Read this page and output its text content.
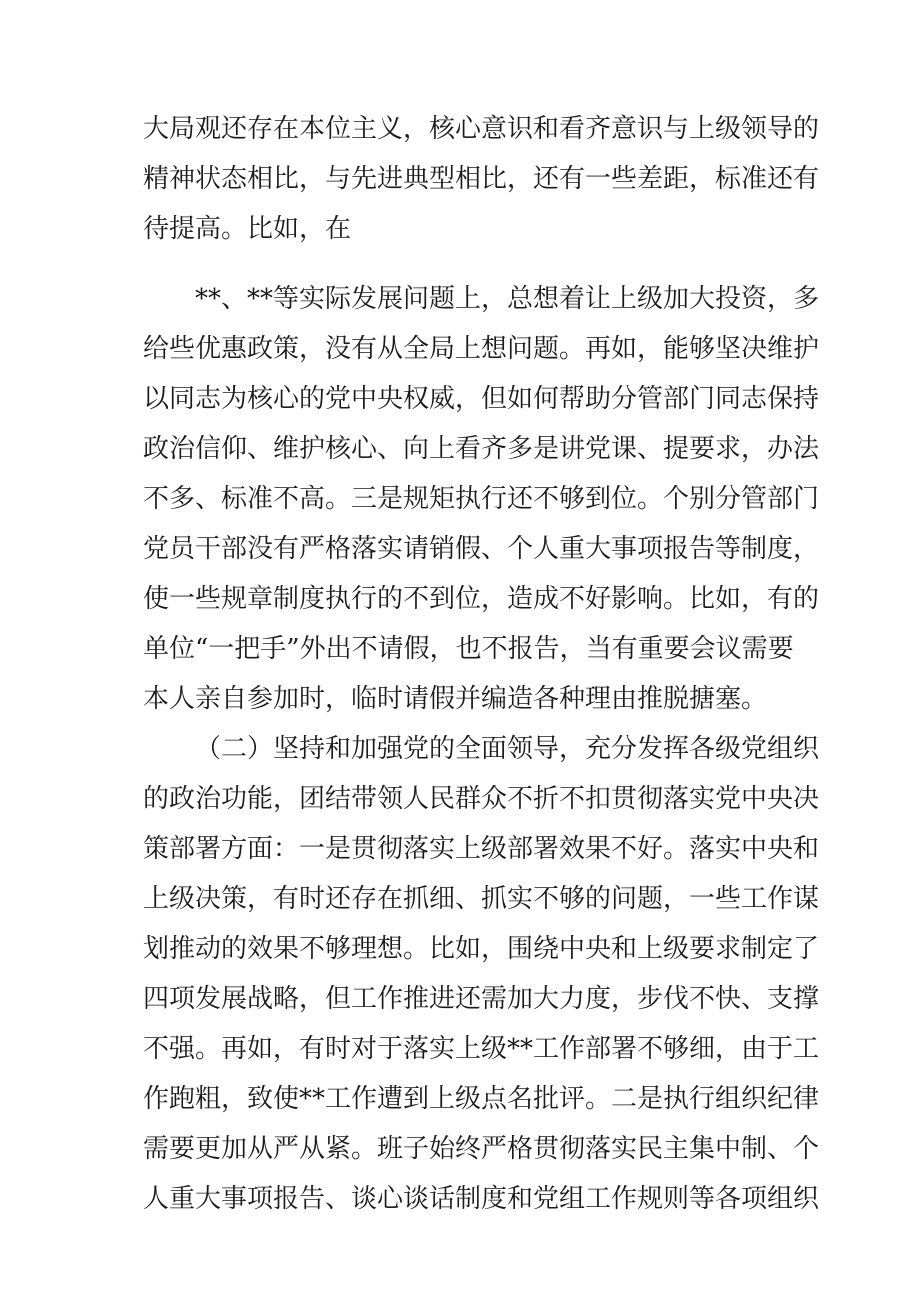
大局观还存在本位主义，核心意识和看齐意识与上级领导的
精神状态相比，与先进典型相比，还有一些差距，标准还有
待提高。比如，在
**、**等实际发展问题上，总想着让上级加大投资，多
给些优惠政策，没有从全局上想问题。再如，能够坚决维护
以同志为核心的党中央权威，但如何帮助分管部门同志保持
政治信仰、维护核心、向上看齐多是讲党课、提要求，办法
不多、标准不高。三是规矩执行还不够到位。个别分管部门
党员干部没有严格落实请销假、个人重大事项报告等制度，
使一些规章制度执行的不到位，造成不好影响。比如，有的
单位“一把手”外出不请假，也不报告，当有重要会议需要
本人亲自参加时，临时请假并编造各种理由推脱搪塞。
（二）坚持和加强党的全面领导，充分发挥各级党组织
的政治功能，团结带领人民群众不折不扣贯彻落实党中央决
策部署方面：一是贯彻落实上级部署效果不好。落实中央和
上级决策，有时还存在抓细、抓实不够的问题，一些工作谋
划推动的效果不够理想。比如，围绕中央和上级要求制定了
四项发展战略，但工作推进还需加大力度，步伐不快、支撑
不强。再如，有时对于落实上级**工作部署不够细，由于工
作跑粗，致使**工作遭到上级点名批评。二是执行组织纪律
需要更加从严从紧。班子始终严格贯彻落实民主集中制、个
人重大事项报告、谈心谈话制度和党组工作规则等各项组织
